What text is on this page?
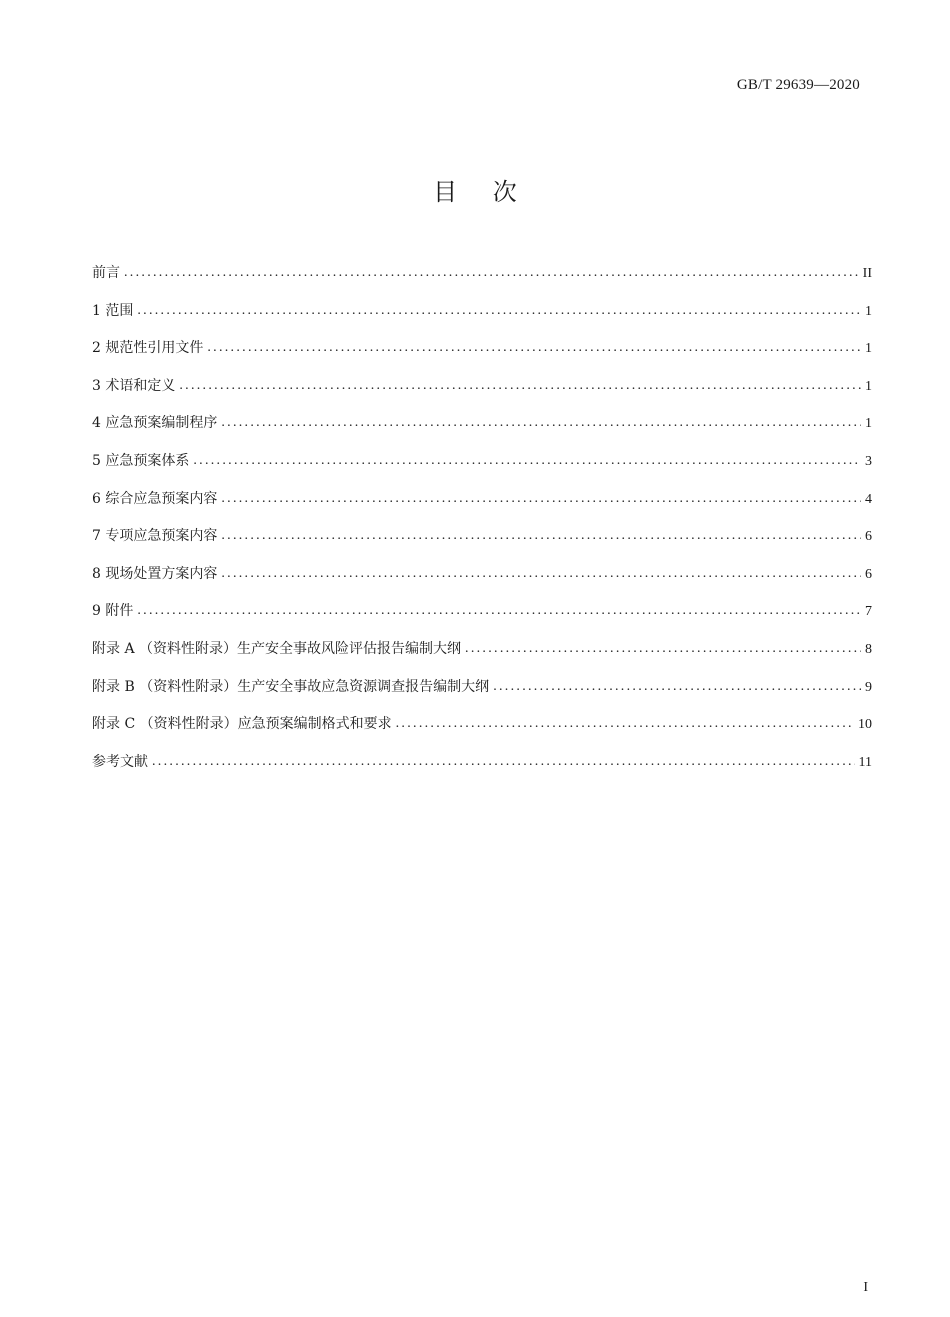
GB/T 29639—2020
目 次
前言 . . .	II
1 范围 . . .	1
2 规范性引用文件 . . .	1
3 术语和定义 . . .	1
4 应急预案编制程序 . . .	1
5 应急预案体系 . . .	3
6 综合应急预案内容 . . .	4
7 专项应急预案内容 . . .	6
8 现场处置方案内容 . . .	6
9 附件 . . .	7
附录 A （资料性附录）生产安全事故风险评估报告编制大纲 . . .	8
附录 B （资料性附录）生产安全事故应急资源调查报告编制大纲 . . .	9
附录 C （资料性附录）应急预案编制格式和要求 . . .	10
参考文献 . . .	11
I
